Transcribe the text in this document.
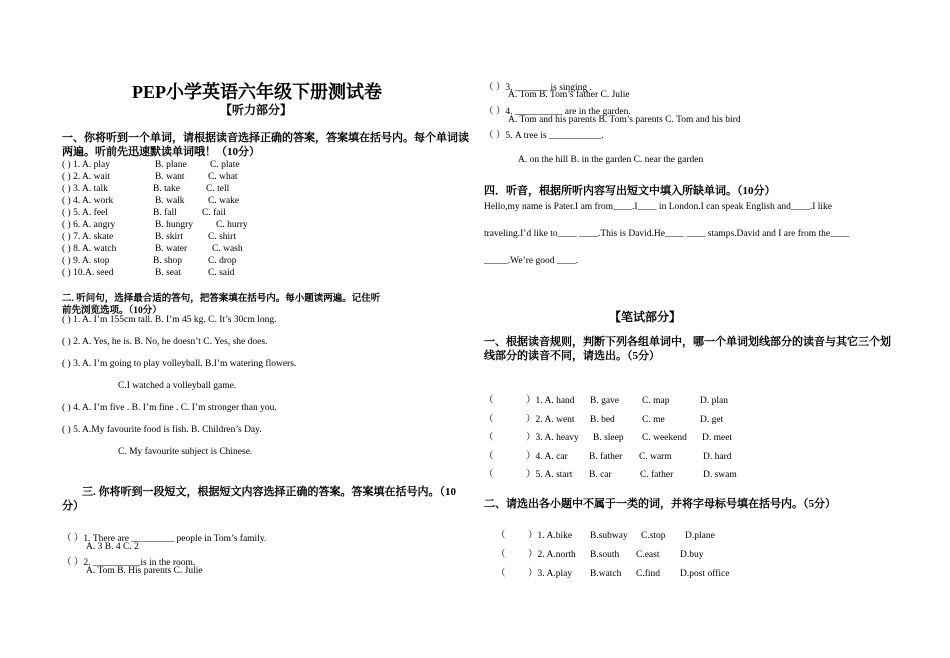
PEP小学英语六年级下册测试卷
【听力部分】
一、你将听到一个单词，请根据读音选择正确的答案，答案填在括号内。每个单词读两遍。听前先迅速默读单词哦！（10分）
( ) 1. A. play	B. plane C. plate
( ) 2. A. wait	B. want C. what
( ) 3. A. talk	B. take	C. tell
( ) 4. A. work	B. walk C. wake
( ) 5. A. feel	B. fall	C. fail
( ) 6. A. angry	B. hungry C. hurry
( ) 7. A. skate	B. skirt	C. shirt
( ) 8. A. watch	B. water	C. wash
( ) 9. A. stop	B. shop	C. drop
( ) 10.A. seed	B. seat	C. said
二. 听问句，选择最合适的答句，把答案填在括号内。每小题读两遍。记住听
前先浏览选项。（10分）
( ) 1. A. I’m 155cm tall. B. I’m 45 kg. C. It’s 30cm long.
( ) 2. A. Yes, he is. B. No, he doesn’t C. Yes, she does.
( ) 3. A. I’m going to play volleyball. B.I’m watering flowers.
C.I watched a volleyball game.
( ) 4. A. I’m five . B. I’m fine . C. I’m stronger than you.
( ) 5. A.My favourite food is fish. B. Children’s Day.
C. My favourite subject is Chinese.
三. 你将听到一段短文，根据短文内容选择正确的答案。答案填在括号内。（10分）
（ ）1. There are _________ people in Tom’s family.
A. 3 B. 4 C. 2
（ ）2. __________is in the room.
A. Tom B. His parents C. Julie
（ ）3. _______ is singing .
A. Tom B. Tom’s father C. Julie
（ ）4. __________ are in the garden.
A. Tom and his parents B. Tom’s parents C. Tom and his bird
（ ）5. A tree is ___________.
A. on the hill B. in the garden C. near the garden
四．听音，根据所听内容写出短文中填入所缺单词。（10分）
Hello,my name is Pater.I am from____.I____ in London.I can speak English and____.I like
traveling.I’d like to____ ____.This is David.He____ ____ stamps.David and I are from the____
_____.We’re good ____.
【笔试部分】
一、根据读音规则，判断下列各组单词中，哪一个单词划线部分的读音与其它三个划线部分的读音不同，请选出。（5分）
（	）1. A. hand B. gave C. map	D. plan
（	）2. A. went B. bed	C. me	D. get
（	）3. A. heavy B. sleep C. weekend D. meet
（	）4. A. car B. father C. warm	D. hard
（	）5. A. start B. car	C. father	D. swam
二、请选出各小题中不属于一类的词，并将字母标号填在括号内。（5分）
（ ）1. A.bike B.subway C.stop D.plane
（ ）2. A.north B.south C.east D.buy
（ ）3. A.play B.watch C.find D.post office
